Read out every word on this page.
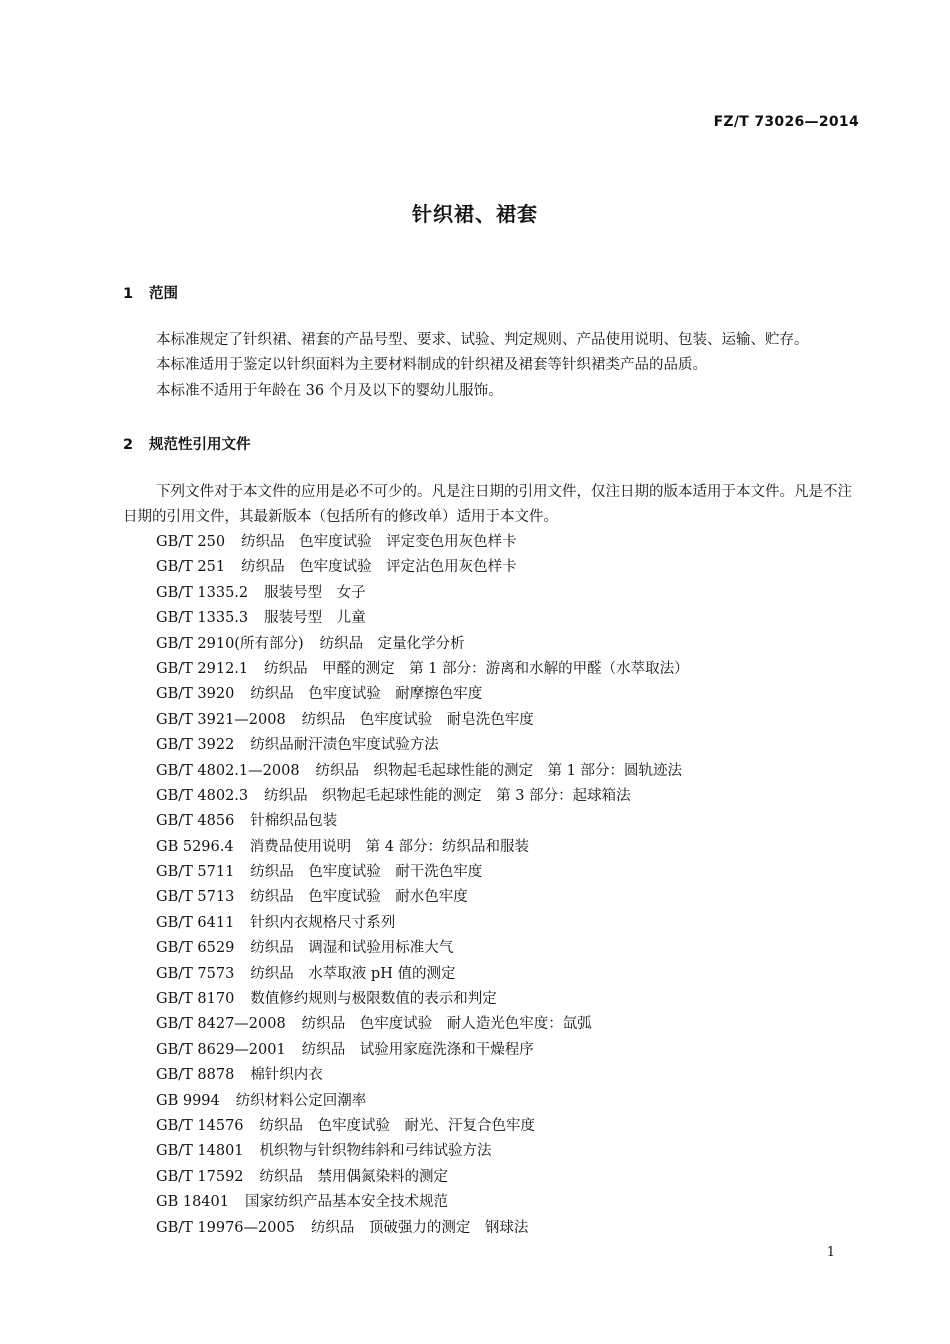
FZ/T 73026—2014
针织裙、裙套
1 范围

本标准规定了针织裙、裙套的产品号型、要求、试验、判定规则、产品使用说明、包装、运输、贮存。

本标准适用于鉴定以针织面料为主要材料制成的针织裙及裙套等针织裙类产品的品质。

本标准不适用于年龄在 36 个月及以下的婴幼儿服饰。

2 规范性引用文件

下列文件对于本文件的应用是必不可少的。凡是注日期的引用文件，仅注日期的版本适用于本文件。凡是不注日期的引用文件，其最新版本（包括所有的修改单）适用于本文件。

GB/T 250 纺织品　色牢度试验　评定变色用灰色样卡
GB/T 251 纺织品　色牢度试验　评定沾色用灰色样卡
GB/T 1335.2 服装号型　女子
GB/T 1335.3 服装号型　儿童
GB/T 2910(所有部分) 纺织品　定量化学分析
GB/T 2912.1 纺织品　甲醛的测定　第 1 部分：游离和水解的甲醛（水萃取法）
GB/T 3920 纺织品　色牢度试验　耐摩擦色牢度
GB/T 3921—2008 纺织品　色牢度试验　耐皂洗色牢度
GB/T 3922 纺织品耐汗渍色牢度试验方法
GB/T 4802.1—2008 纺织品　织物起毛起球性能的测定　第 1 部分：圆轨迹法
GB/T 4802.3 纺织品　织物起毛起球性能的测定　第 3 部分：起球箱法
GB/T 4856 针棉织品包装
GB 5296.4 消费品使用说明　第 4 部分：纺织品和服装
GB/T 5711 纺织品　色牢度试验　耐干洗色牢度
GB/T 5713 纺织品　色牢度试验　耐水色牢度
GB/T 6411 针织内衣规格尺寸系列
GB/T 6529 纺织品　调湿和试验用标准大气
GB/T 7573 纺织品　水萃取液 pH 值的测定
GB/T 8170 数值修约规则与极限数值的表示和判定
GB/T 8427—2008 纺织品　色牢度试验　耐人造光色牢度：氙弧
GB/T 8629—2001 纺织品　试验用家庭洗涤和干燥程序
GB/T 8878 棉针织内衣
GB 9994 纺织材料公定回潮率
GB/T 14576 纺织品　色牢度试验　耐光、汗复合色牢度
GB/T 14801 机织物与针织物纬斜和弓纬试验方法
GB/T 17592 纺织品　禁用偶氮染料的测定
GB 18401 国家纺织产品基本安全技术规范
GB/T 19976—2005 纺织品　顶破强力的测定　钢球法
1
